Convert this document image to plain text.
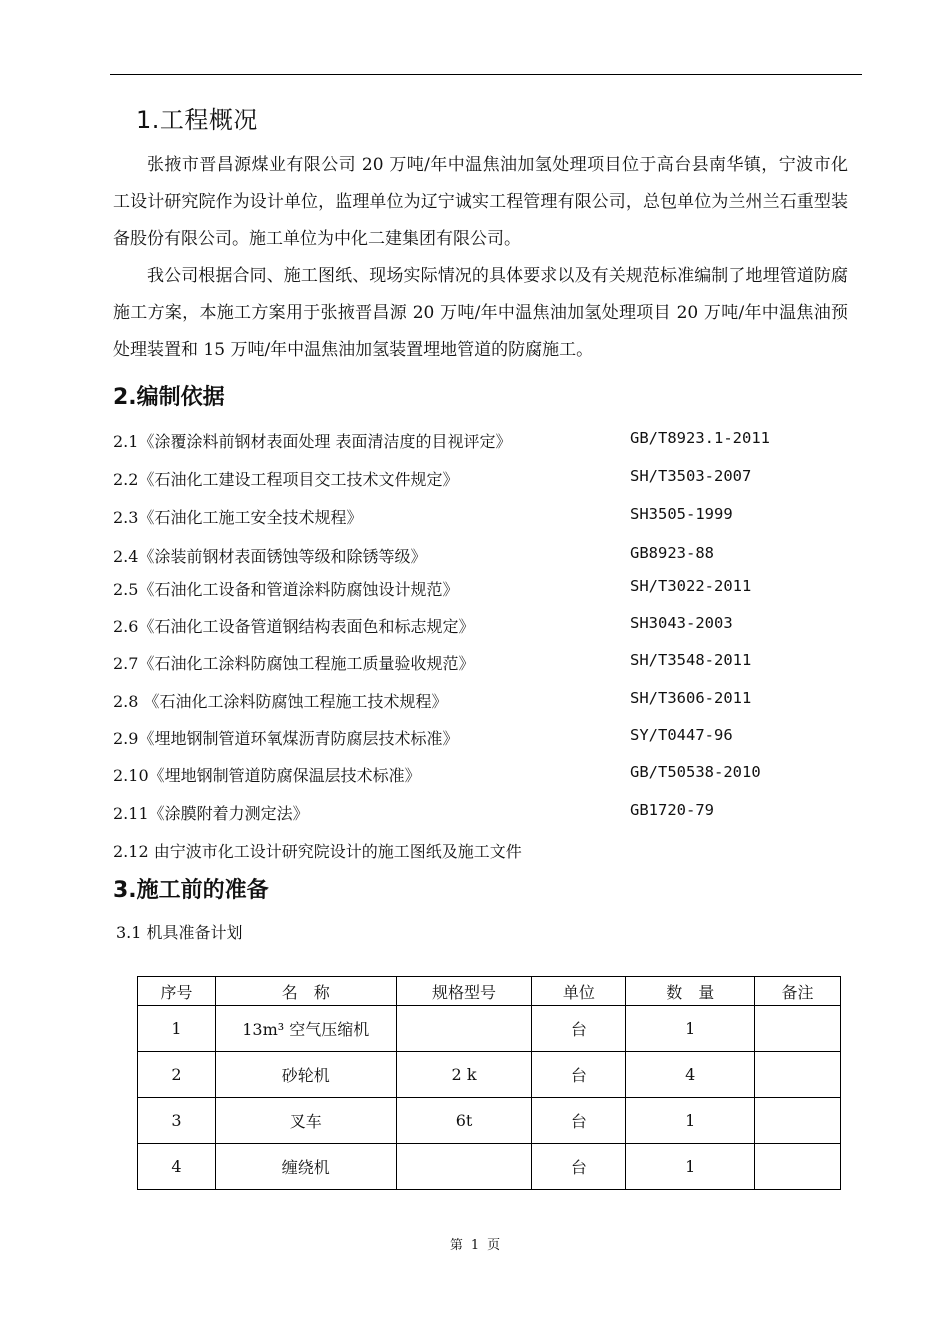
1.工程概况

张掖市晋昌源煤业有限公司 20 万吨/年中温焦油加氢处理项目位于高台县南华镇，宁波市化工设计研究院作为设计单位，监理单位为辽宁诚实工程管理有限公司，总包单位为兰州兰石重型装备股份有限公司。施工单位为中化二建集团有限公司。

我公司根据合同、施工图纸、现场实际情况的具体要求以及有关规范标准编制了地埋管道防腐施工方案，本施工方案用于张掖晋昌源 20 万吨/年中温焦油加氢处理项目 20 万吨/年中温焦油预处理装置和 15 万吨/年中温焦油加氢装置埋地管道的防腐施工。

2.编制依据
2.1《涂覆涂料前钢材表面处理 表面清洁度的目视评定》	GB/T8923.1-2011
2.2《石油化工建设工程项目交工技术文件规定》	SH/T3503-2007
2.3《石油化工施工安全技术规程》	SH3505-1999
2.4《涂装前钢材表面锈蚀等级和除锈等级》	GB8923-88
2.5《石油化工设备和管道涂料防腐蚀设计规范》	SH/T3022-2011
2.6《石油化工设备管道钢结构表面色和标志规定》	SH3043-2003
2.7《石油化工涂料防腐蚀工程施工质量验收规范》	SH/T3548-2011
2.8 《石油化工涂料防腐蚀工程施工技术规程》	SH/T3606-2011
2.9《埋地钢制管道环氧煤沥青防腐层技术标准》	SY/T0447-96
2.10《埋地钢制管道防腐保温层技术标准》	GB/T50538-2010
2.11《涂膜附着力测定法》	GB1720-79
2.12 由宁波市化工设计研究院设计的施工图纸及施工文件
3.施工前的准备
3.1 机具准备计划
序号	名　称	规格型号	单位	数　量	备注
1	13m³ 空气压缩机		台	1	
2	砂轮机	2 k	台	4	
3	叉车	6t	台	1	
4	缠绕机		台	1	
第 1 页
